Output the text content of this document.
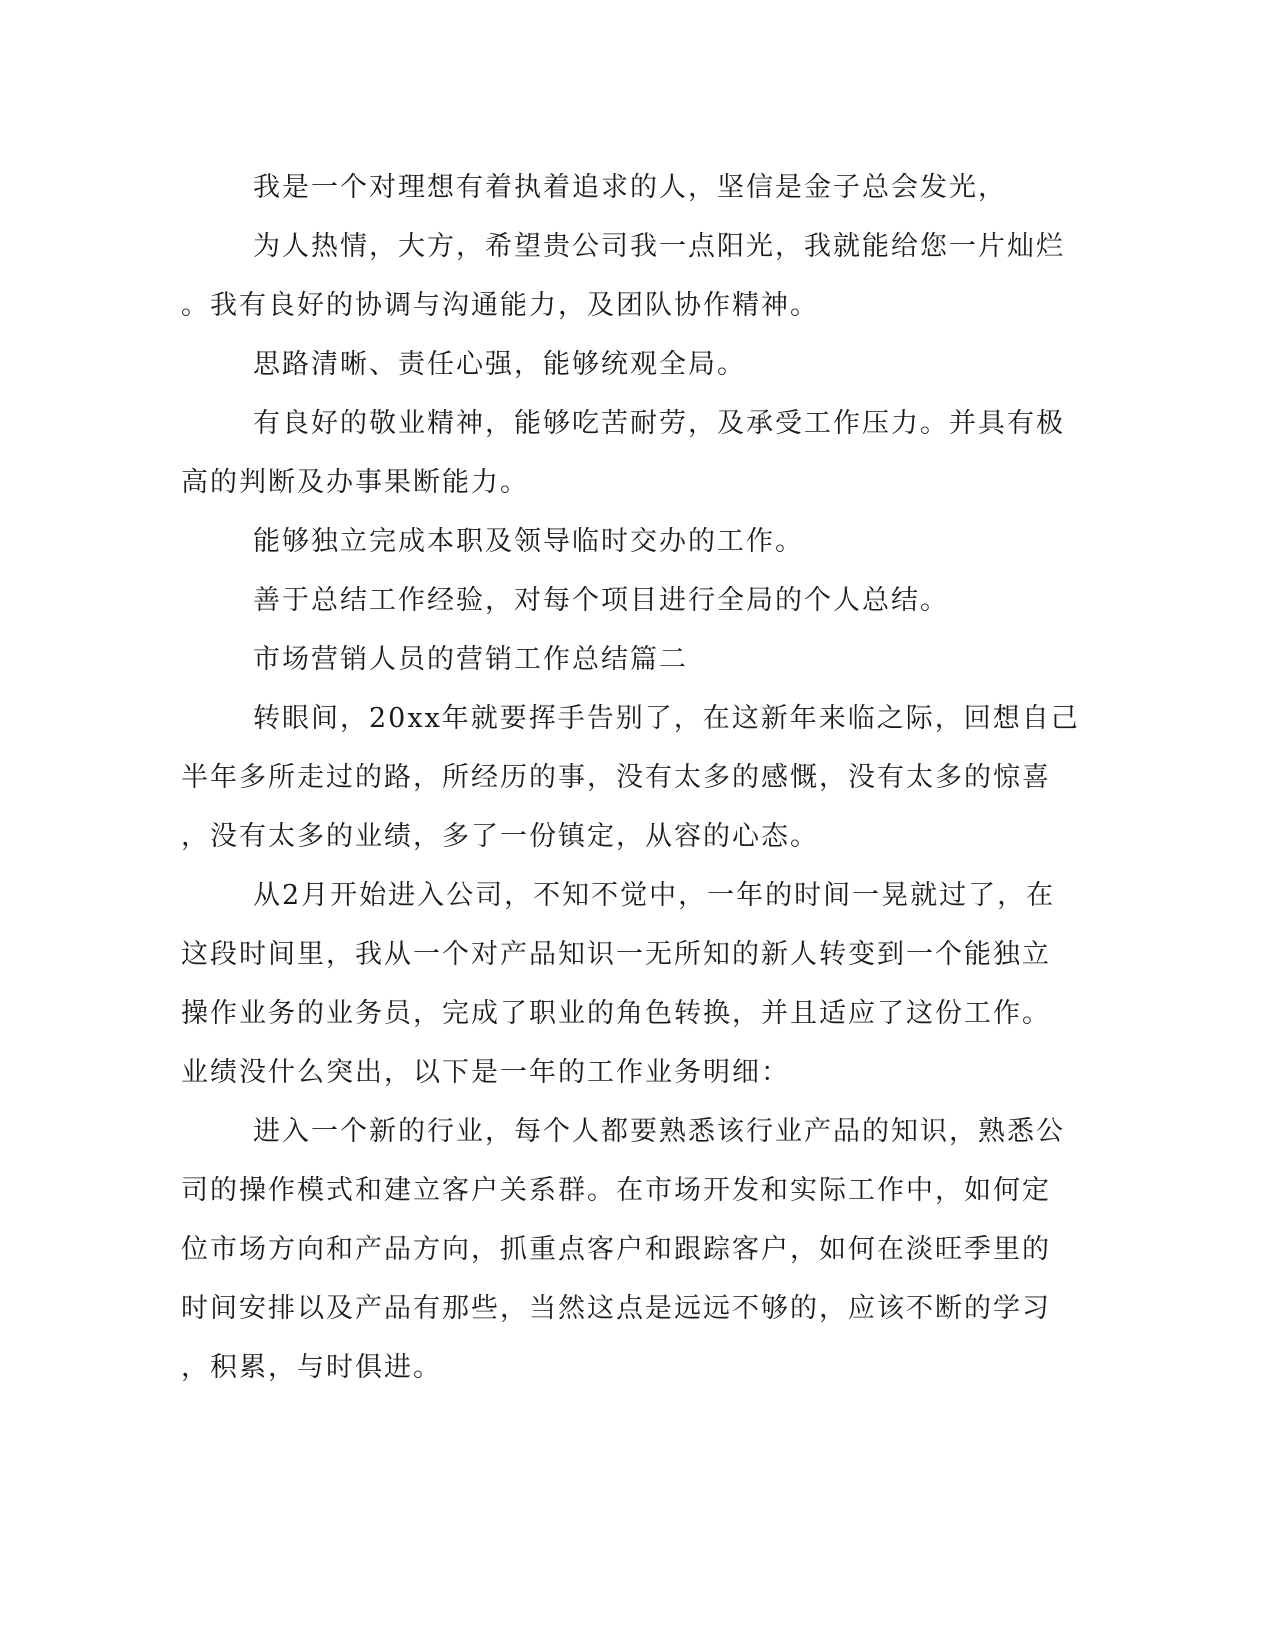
我是一个对理想有着执着追求的人，坚信是金子总会发光，
为人热情，大方，希望贵公司我一点阳光，我就能给您一片灿烂
。我有良好的协调与沟通能力，及团队协作精神。
思路清晰、责任心强，能够统观全局。
有良好的敬业精神，能够吃苦耐劳，及承受工作压力。并具有极
高的判断及办事果断能力。
能够独立完成本职及领导临时交办的工作。
善于总结工作经验，对每个项目进行全局的个人总结。
市场营销人员的营销工作总结篇二
转眼间，20xx年就要挥手告别了，在这新年来临之际，回想自己
半年多所走过的路，所经历的事，没有太多的感慨，没有太多的惊喜
，没有太多的业绩，多了一份镇定，从容的心态。
从2月开始进入公司，不知不觉中，一年的时间一晃就过了，在
这段时间里，我从一个对产品知识一无所知的新人转变到一个能独立
操作业务的业务员，完成了职业的角色转换，并且适应了这份工作。
业绩没什么突出，以下是一年的工作业务明细：
进入一个新的行业，每个人都要熟悉该行业产品的知识，熟悉公
司的操作模式和建立客户关系群。在市场开发和实际工作中，如何定
位市场方向和产品方向，抓重点客户和跟踪客户，如何在淡旺季里的
时间安排以及产品有那些，当然这点是远远不够的，应该不断的学习
，积累，与时俱进。
